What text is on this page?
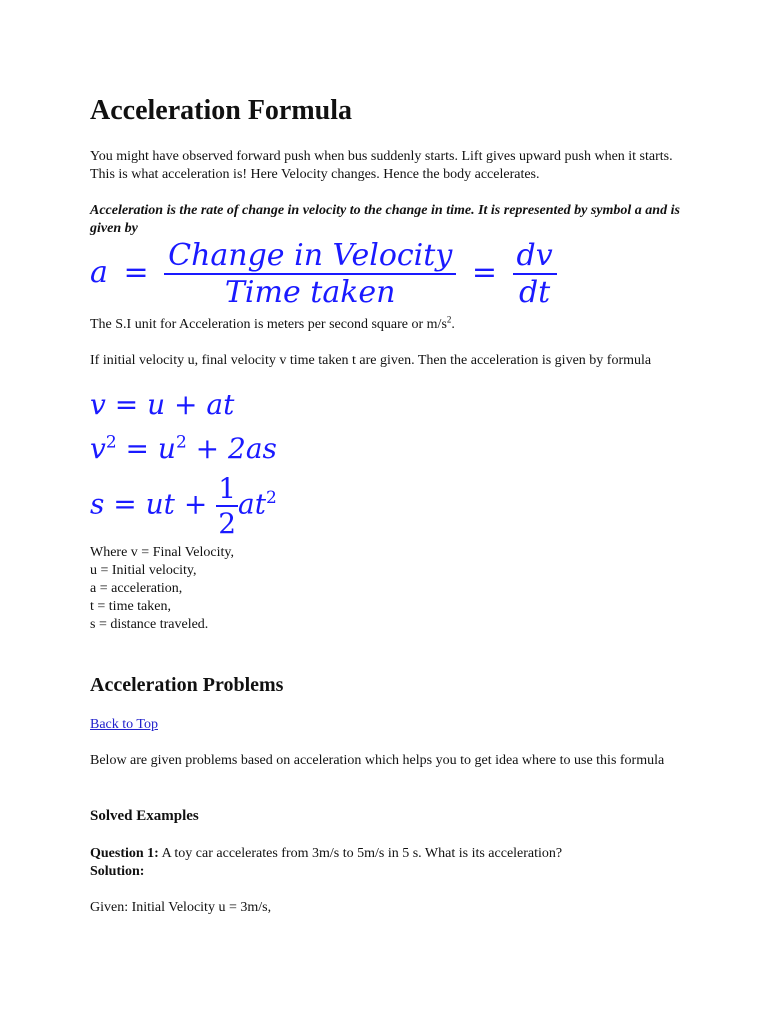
Acceleration Formula
You might have observed forward push when bus suddenly starts. Lift gives upward push when it starts. This is what acceleration is! Here Velocity changes. Hence the body accelerates.
Acceleration is the rate of change in velocity to the change in time. It is represented by symbol a and is given by
$a = \frac{\text{Change in Velocity}}{\text{Time taken}} = \frac{dv}{dt}$
The S.I unit for Acceleration is meters per second square or $m/s^2$.
If initial velocity u, final velocity v time taken t are given. Then the acceleration is given by formula
v = u + at
$v^2 = u^2 + 2as$
s = ut + $\frac{1}{2} at^2$
Where v = Final Velocity,
u = Initial velocity,
a = acceleration,
t = time taken,
s = distance traveled.
Acceleration Problems
Back to Top
Below are given problems based on acceleration which helps you to get idea where to use this formula
Solved Examples
Question 1: A toy car accelerates from 3m/s to 5m/s in 5 s. What is its acceleration?
Solution:
Given: Initial Velocity u = 3m/s,
